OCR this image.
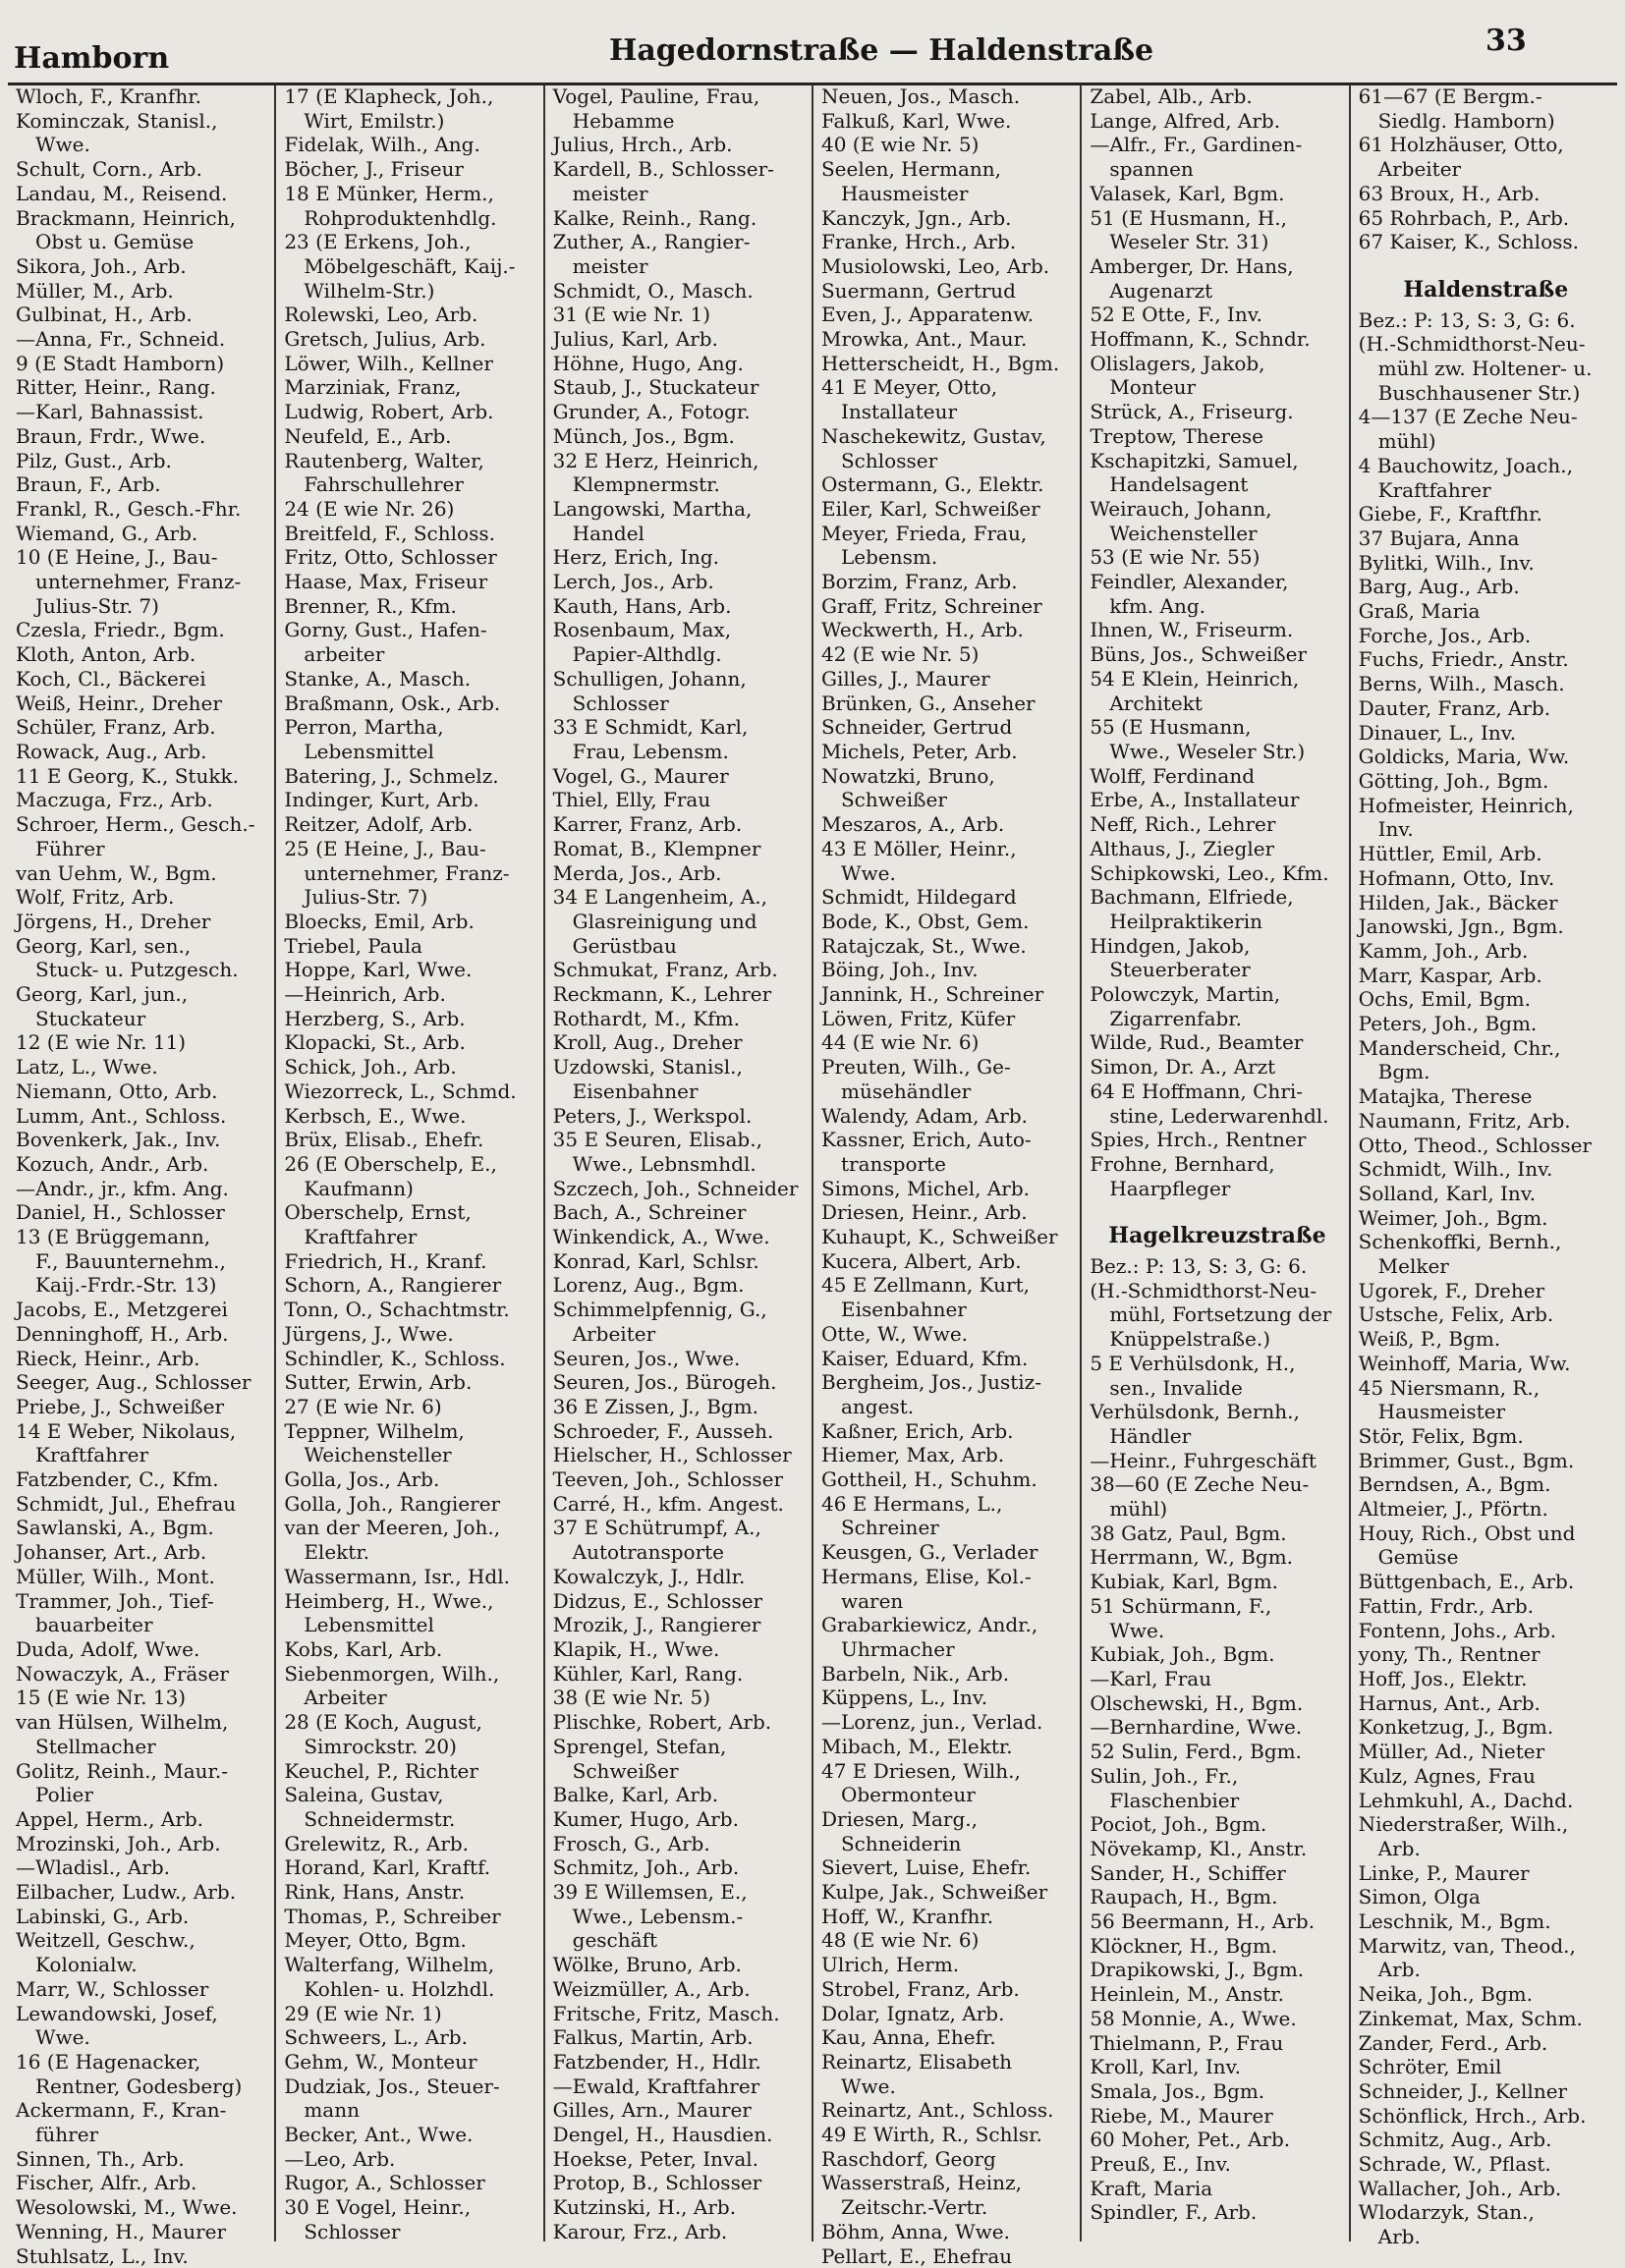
Hamborn	Hagedornstraße — Haldenstraße	33
Wloch, F., Kranfhr.
Kominczak, Stanisl.,
Wwe.
Schult, Corn., Arb.
Landau, M., Reisend.
Brackmann, Heinrich,
Obst u. Gemüse
Sikora, Joh., Arb.
Müller, M., Arb.
Gulbinat, H., Arb.
—Anna, Fr., Schneid.
9 (E Stadt Hamborn)
Ritter, Heinr., Rang.
—Karl, Bahnassist.
Braun, Frdr., Wwe.
Pilz, Gust., Arb.
Braun, F., Arb.
Frankl, R., Gesch.-Fhr.
Wiemand, G., Arb.
10 (E Heine, J., Bau-
unternehmer, Franz-
Julius-Str. 7)
Czesla, Friedr., Bgm.
Kloth, Anton, Arb.
Koch, Cl., Bäckerei
Weiß, Heinr., Dreher
Schüler, Franz, Arb.
Rowack, Aug., Arb.
11 E Georg, K., Stukk.
Maczuga, Frz., Arb.
Schroer, Herm., Gesch.-
Führer
van Uehm, W., Bgm.
Wolf, Fritz, Arb.
Jörgens, H., Dreher
Georg, Karl, sen.,
Stuck- u. Putzgesch.
Georg, Karl, jun.,
Stuckateur
12 (E wie Nr. 11)
Latz, L., Wwe.
Niemann, Otto, Arb.
Lumm, Ant., Schloss.
Bovenkerk, Jak., Inv.
Kozuch, Andr., Arb.
—Andr., jr., kfm. Ang.
Daniel, H., Schlosser
13 (E Brüggemann,
F., Bauunternehm.,
Kaij.-Frdr.-Str. 13)
Jacobs, E., Metzgerei
Denninghoff, H., Arb.
Rieck, Heinr., Arb.
Seeger, Aug., Schlosser
Priebe, J., Schweißer
14 E Weber, Nikolaus,
Kraftfahrer
Fatzbender, C., Kfm.
Schmidt, Jul., Ehefrau
Sawlanski, A., Bgm.
Johanser, Art., Arb.
Müller, Wilh., Mont.
Trammer, Joh., Tief-
bauarbeiter
Duda, Adolf, Wwe.
Nowaczyk, A., Fräser
15 (E wie Nr. 13)
van Hülsen, Wilhelm,
Stellmacher
Golitz, Reinh., Maur.-
Polier
Appel, Herm., Arb.
Mrozinski, Joh., Arb.
—Wladisl., Arb.
Eilbacher, Ludw., Arb.
Labinski, G., Arb.
Weitzell, Geschw.,
Kolonialw.
Marr, W., Schlosser
Lewandowski, Josef,
Wwe.
16 (E Hagenacker,
Rentner, Godesberg)
Ackermann, F., Kran-
führer
Sinnen, Th., Arb.
Fischer, Alfr., Arb.
Wesolowski, M., Wwe.
Wenning, H., Maurer
Stuhlsatz, L., Inv.
17 (E Klapheck, Joh.,
Wirt, Emilstr.)
Fidelak, Wilh., Ang.
Böcher, J., Friseur
18 E Münker, Herm.,
Rohproduktenhdlg.
23 (E Erkens, Joh.,
Möbelgeschäft, Kaij.-
Wilhelm-Str.)
Rolewski, Leo, Arb.
Gretsch, Julius, Arb.
Löwer, Wilh., Kellner
Marziniak, Franz,
Ludwig, Robert, Arb.
Neufeld, E., Arb.
Rautenberg, Walter,
Fahrschullehrer
24 (E wie Nr. 26)
Breitfeld, F., Schloss.
Fritz, Otto, Schlosser
Haase, Max, Friseur
Brenner, R., Kfm.
Gorny, Gust., Hafen-
arbeiter
Stanke, A., Masch.
Braßmann, Osk., Arb.
Perron, Martha,
Lebensmittel
Batering, J., Schmelz.
Indinger, Kurt, Arb.
Reitzer, Adolf, Arb.
25 (E Heine, J., Bau-
unternehmer, Franz-
Julius-Str. 7)
Bloecks, Emil, Arb.
Triebel, Paula
Hoppe, Karl, Wwe.
—Heinrich, Arb.
Herzberg, S., Arb.
Klopacki, St., Arb.
Schick, Joh., Arb.
Wiezorreck, L., Schmd.
Kerbsch, E., Wwe.
Brüx, Elisab., Ehefr.
26 (E Oberschelp, E.,
Kaufmann)
Oberschelp, Ernst,
Kraftfahrer
Friedrich, H., Kranf.
Schorn, A., Rangierer
Tonn, O., Schachtmstr.
Jürgens, J., Wwe.
Schindler, K., Schloss.
Sutter, Erwin, Arb.
27 (E wie Nr. 6)
Teppner, Wilhelm,
Weichensteller
Golla, Jos., Arb.
Golla, Joh., Rangierer
van der Meeren, Joh.,
Elektr.
Wassermann, Isr., Hdl.
Heimberg, H., Wwe.,
Lebensmittel
Kobs, Karl, Arb.
Siebenmorgen, Wilh.,
Arbeiter
28 (E Koch, August,
Simrockstr. 20)
Keuchel, P., Richter
Saleina, Gustav,
Schneidermstr.
Grelewitz, R., Arb.
Horand, Karl, Kraftf.
Rink, Hans, Anstr.
Thomas, P., Schreiber
Meyer, Otto, Bgm.
Walterfang, Wilhelm,
Kohlen- u. Holzhdl.
29 (E wie Nr. 1)
Schweers, L., Arb.
Gehm, W., Monteur
Dudziak, Jos., Steuer-
mann
Becker, Ant., Wwe.
—Leo, Arb.
Rugor, A., Schlosser
30 E Vogel, Heinr.,
Schlosser
Vogel, Pauline, Frau,
Hebamme
Julius, Hrch., Arb.
Kardell, B., Schlosser-
meister
Kalke, Reinh., Rang.
Zuther, A., Rangier-
meister
Schmidt, O., Masch.
31 (E wie Nr. 1)
Julius, Karl, Arb.
Höhne, Hugo, Ang.
Staub, J., Stuckateur
Grunder, A., Fotogr.
Münch, Jos., Bgm.
32 E Herz, Heinrich,
Klempnermstr.
Langowski, Martha,
Handel
Herz, Erich, Ing.
Lerch, Jos., Arb.
Kauth, Hans, Arb.
Rosenbaum, Max,
Papier-Althdlg.
Schulligen, Johann,
Schlosser
33 E Schmidt, Karl,
Frau, Lebensm.
Vogel, G., Maurer
Thiel, Elly, Frau
Karrer, Franz, Arb.
Romat, B., Klempner
Merda, Jos., Arb.
34 E Langenheim, A.,
Glasreinigung und
Gerüstbau
Schmukat, Franz, Arb.
Reckmann, K., Lehrer
Rothardt, M., Kfm.
Kroll, Aug., Dreher
Uzdowski, Stanisl.,
Eisenbahner
Peters, J., Werkspol.
35 E Seuren, Elisab.,
Wwe., Lebnsmhdl.
Szczech, Joh., Schneider
Bach, A., Schreiner
Winkendick, A., Wwe.
Konrad, Karl, Schlsr.
Lorenz, Aug., Bgm.
Schimmelpfennig, G.,
Arbeiter
Seuren, Jos., Wwe.
Seuren, Jos., Bürogeh.
36 E Zissen, J., Bgm.
Schroeder, F., Ausseh.
Hielscher, H., Schlosser
Teeven, Joh., Schlosser
Carré, H., kfm. Angest.
37 E Schütrumpf, A.,
Autotransporte
Kowalczyk, J., Hdlr.
Didzus, E., Schlosser
Mrozik, J., Rangierer
Klapik, H., Wwe.
Kühler, Karl, Rang.
38 (E wie Nr. 5)
Plischke, Robert, Arb.
Sprengel, Stefan,
Schweißer
Balke, Karl, Arb.
Kumer, Hugo, Arb.
Frosch, G., Arb.
Schmitz, Joh., Arb.
39 E Willemsen, E.,
Wwe., Lebensm.-
geschäft
Wölke, Bruno, Arb.
Weizmüller, A., Arb.
Fritsche, Fritz, Masch.
Falkus, Martin, Arb.
Fatzbender, H., Hdlr.
—Ewald, Kraftfahrer
Gilles, Arn., Maurer
Dengel, H., Hausdien.
Hoekse, Peter, Inval.
Protop, B., Schlosser
Kutzinski, H., Arb.
Karour, Frz., Arb.
Neuen, Jos., Masch.
Falkuß, Karl, Wwe.
40 (E wie Nr. 5)
Seelen, Hermann,
Hausmeister
Kanczyk, Jgn., Arb.
Franke, Hrch., Arb.
Musiolowski, Leo, Arb.
Suermann, Gertrud
Even, J., Apparatenw.
Mrowka, Ant., Maur.
Hetterscheidt, H., Bgm.
41 E Meyer, Otto,
Installateur
Naschekewitz, Gustav,
Schlosser
Ostermann, G., Elektr.
Eiler, Karl, Schweißer
Meyer, Frieda, Frau,
Lebensm.
Borzim, Franz, Arb.
Graff, Fritz, Schreiner
Weckwerth, H., Arb.
42 (E wie Nr. 5)
Gilles, J., Maurer
Brünken, G., Anseher
Schneider, Gertrud
Michels, Peter, Arb.
Nowatzki, Bruno,
Schweißer
Meszaros, A., Arb.
43 E Möller, Heinr.,
Wwe.
Schmidt, Hildegard
Bode, K., Obst, Gem.
Ratajczak, St., Wwe.
Böing, Joh., Inv.
Jannink, H., Schreiner
Löwen, Fritz, Küfer
44 (E wie Nr. 6)
Preuten, Wilh., Ge-
müsehändler
Walendy, Adam, Arb.
Kassner, Erich, Auto-
transporte
Simons, Michel, Arb.
Driesen, Heinr., Arb.
Kuhaupt, K., Schweißer
Kucera, Albert, Arb.
45 E Zellmann, Kurt,
Eisenbahner
Otte, W., Wwe.
Kaiser, Eduard, Kfm.
Bergheim, Jos., Justiz-
angest.
Kaßner, Erich, Arb.
Hiemer, Max, Arb.
Gottheil, H., Schuhm.
46 E Hermans, L.,
Schreiner
Keusgen, G., Verlader
Hermans, Elise, Kol.-
waren
Grabarkiewicz, Andr.,
Uhrmacher
Barbeln, Nik., Arb.
Küppens, L., Inv.
—Lorenz, jun., Verlad.
Mibach, M., Elektr.
47 E Driesen, Wilh.,
Obermonteur
Driesen, Marg.,
Schneiderin
Sievert, Luise, Ehefr.
Kulpe, Jak., Schweißer
Hoff, W., Kranfhr.
48 (E wie Nr. 6)
Ulrich, Herm.
Strobel, Franz, Arb.
Dolar, Ignatz, Arb.
Kau, Anna, Ehefr.
Reinartz, Elisabeth
Wwe.
Reinartz, Ant., Schloss.
49 E Wirth, R., Schlsr.
Raschdorf, Georg
Wasserstraß, Heinz,
Zeitschr.-Vertr.
Böhm, Anna, Wwe.
Pellart, E., Ehefrau
Zabel, Alb., Arb.
Lange, Alfred, Arb.
—Alfr., Fr., Gardinen-
spannen
Valasek, Karl, Bgm.
51 (E Husmann, H.,
Weseler Str. 31)
Amberger, Dr. Hans,
Augenarzt
52 E Otte, F., Inv.
Hoffmann, K., Schndr.
Olislagers, Jakob,
Monteur
Strück, A., Friseurg.
Treptow, Therese
Kschapitzki, Samuel,
Handelsagent
Weirauch, Johann,
Weichensteller
53 (E wie Nr. 55)
Feindler, Alexander,
kfm. Ang.
Ihnen, W., Friseurm.
Büns, Jos., Schweißer
54 E Klein, Heinrich,
Architekt
55 (E Husmann,
Wwe., Weseler Str.)
Wolff, Ferdinand
Erbe, A., Installateur
Neff, Rich., Lehrer
Althaus, J., Ziegler
Schipkowski, Leo., Kfm.
Bachmann, Elfriede,
Heilpraktikerin
Hindgen, Jakob,
Steuerberater
Polowczyk, Martin,
Zigarrenfabr.
Wilde, Rud., Beamter
Simon, Dr. A., Arzt
64 E Hoffmann, Chri-
stine, Lederwarenhdl.
Spies, Hrch., Rentner
Frohne, Bernhard,
Haarpfleger
Hagelkreuzstraße
Bez.: P: 13, S: 3, G: 6.
(H.-Schmidthorst-Neu-
mühl, Fortsetzung der
Knüppelstraße.)
5 E Verhülsdonk, H.,
sen., Invalide
Verhülsdonk, Bernh.,
Händler
—Heinr., Fuhrgeschäft
38—60 (E Zeche Neu-
mühl)
38 Gatz, Paul, Bgm.
Herrmann, W., Bgm.
Kubiak, Karl, Bgm.
51 Schürmann, F.,
Wwe.
Kubiak, Joh., Bgm.
—Karl, Frau
Olschewski, H., Bgm.
—Bernhardine, Wwe.
52 Sulin, Ferd., Bgm.
Sulin, Joh., Fr.,
Flaschenbier
Pociot, Joh., Bgm.
Növekamp, Kl., Anstr.
Sander, H., Schiffer
Raupach, H., Bgm.
56 Beermann, H., Arb.
Klöckner, H., Bgm.
Drapikowski, J., Bgm.
Heinlein, M., Anstr.
58 Monnie, A., Wwe.
Thielmann, P., Frau
Kroll, Karl, Inv.
Smala, Jos., Bgm.
Riebe, M., Maurer
60 Moher, Pet., Arb.
Preuß, E., Inv.
Kraft, Maria
Spindler, F., Arb.
61—67 (E Bergm.-
Siedlg. Hamborn)
61 Holzhäuser, Otto,
Arbeiter
63 Broux, H., Arb.
65 Rohrbach, P., Arb.
67 Kaiser, K., Schloss.
Haldenstraße
Bez.: P: 13, S: 3, G: 6.
(H.-Schmidthorst-Neu-
mühl zw. Holtener- u.
Buschhausener Str.)
4—137 (E Zeche Neu-
mühl)
4 Bauchowitz, Joach.,
Kraftfahrer
Giebe, F., Kraftfhr.
37 Bujara, Anna
Bylitki, Wilh., Inv.
Barg, Aug., Arb.
Graß, Maria
Forche, Jos., Arb.
Fuchs, Friedr., Anstr.
Berns, Wilh., Masch.
Dauter, Franz, Arb.
Dinauer, L., Inv.
Goldicks, Maria, Ww.
Götting, Joh., Bgm.
Hofmeister, Heinrich,
Inv.
Hüttler, Emil, Arb.
Hofmann, Otto, Inv.
Hilden, Jak., Bäcker
Janowski, Jgn., Bgm.
Kamm, Joh., Arb.
Marr, Kaspar, Arb.
Ochs, Emil, Bgm.
Peters, Joh., Bgm.
Manderscheid, Chr.,
Bgm.
Matajka, Therese
Naumann, Fritz, Arb.
Otto, Theod., Schlosser
Schmidt, Wilh., Inv.
Solland, Karl, Inv.
Weimer, Joh., Bgm.
Schenkoffki, Bernh.,
Melker
Ugorek, F., Dreher
Ustsche, Felix, Arb.
Weiß, P., Bgm.
Weinhoff, Maria, Ww.
45 Niersmann, R.,
Hausmeister
Stör, Felix, Bgm.
Brimmer, Gust., Bgm.
Berndsen, A., Bgm.
Altmeier, J., Pförtn.
Houy, Rich., Obst und
Gemüse
Büttgenbach, E., Arb.
Fattin, Frdr., Arb.
Fontenn, Johs., Arb.
yony, Th., Rentner
Hoff, Jos., Elektr.
Harnus, Ant., Arb.
Konketzug, J., Bgm.
Müller, Ad., Nieter
Kulz, Agnes, Frau
Lehmkuhl, A., Dachd.
Niederstraßer, Wilh.,
Arb.
Linke, P., Maurer
Simon, Olga
Leschnik, M., Bgm.
Marwitz, van, Theod.,
Arb.
Neika, Joh., Bgm.
Zinkemat, Max, Schm.
Zander, Ferd., Arb.
Schröter, Emil
Schneider, J., Kellner
Schönflick, Hrch., Arb.
Schmitz, Aug., Arb.
Schrade, W., Pflast.
Wallacher, Joh., Arb.
Wlodarzyk, Stan.,
Arb.
